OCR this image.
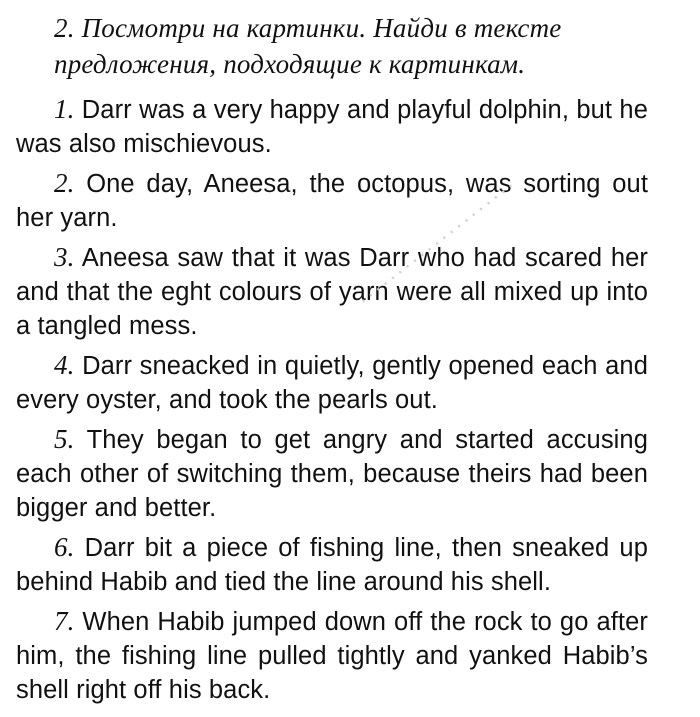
2. Посмотри на картинки. Найди в тексте
предложения, подходящие к картинкам.

1. Darr was a very happy and playful dolphin, but he was also mischievous.

2. One day, Aneesa, the octopus, was sorting out her yarn.

3. Aneesa saw that it was Darr who had scared her and that the eght colours of yarn were all mixed up into a tangled mess.

4. Darr sneacked in quietly, gently opened each and every oyster, and took the pearls out.

5. They began to get angry and started accusing each other of switching them, because theirs had been bigger and better.

6. Darr bit a piece of fishing line, then sneaked up behind Habib and tied the line around his shell.

7. When Habib jumped down off the rock to go after him, the fishing line pulled tightly and yanked Habib’s shell right off his back.

·····················
